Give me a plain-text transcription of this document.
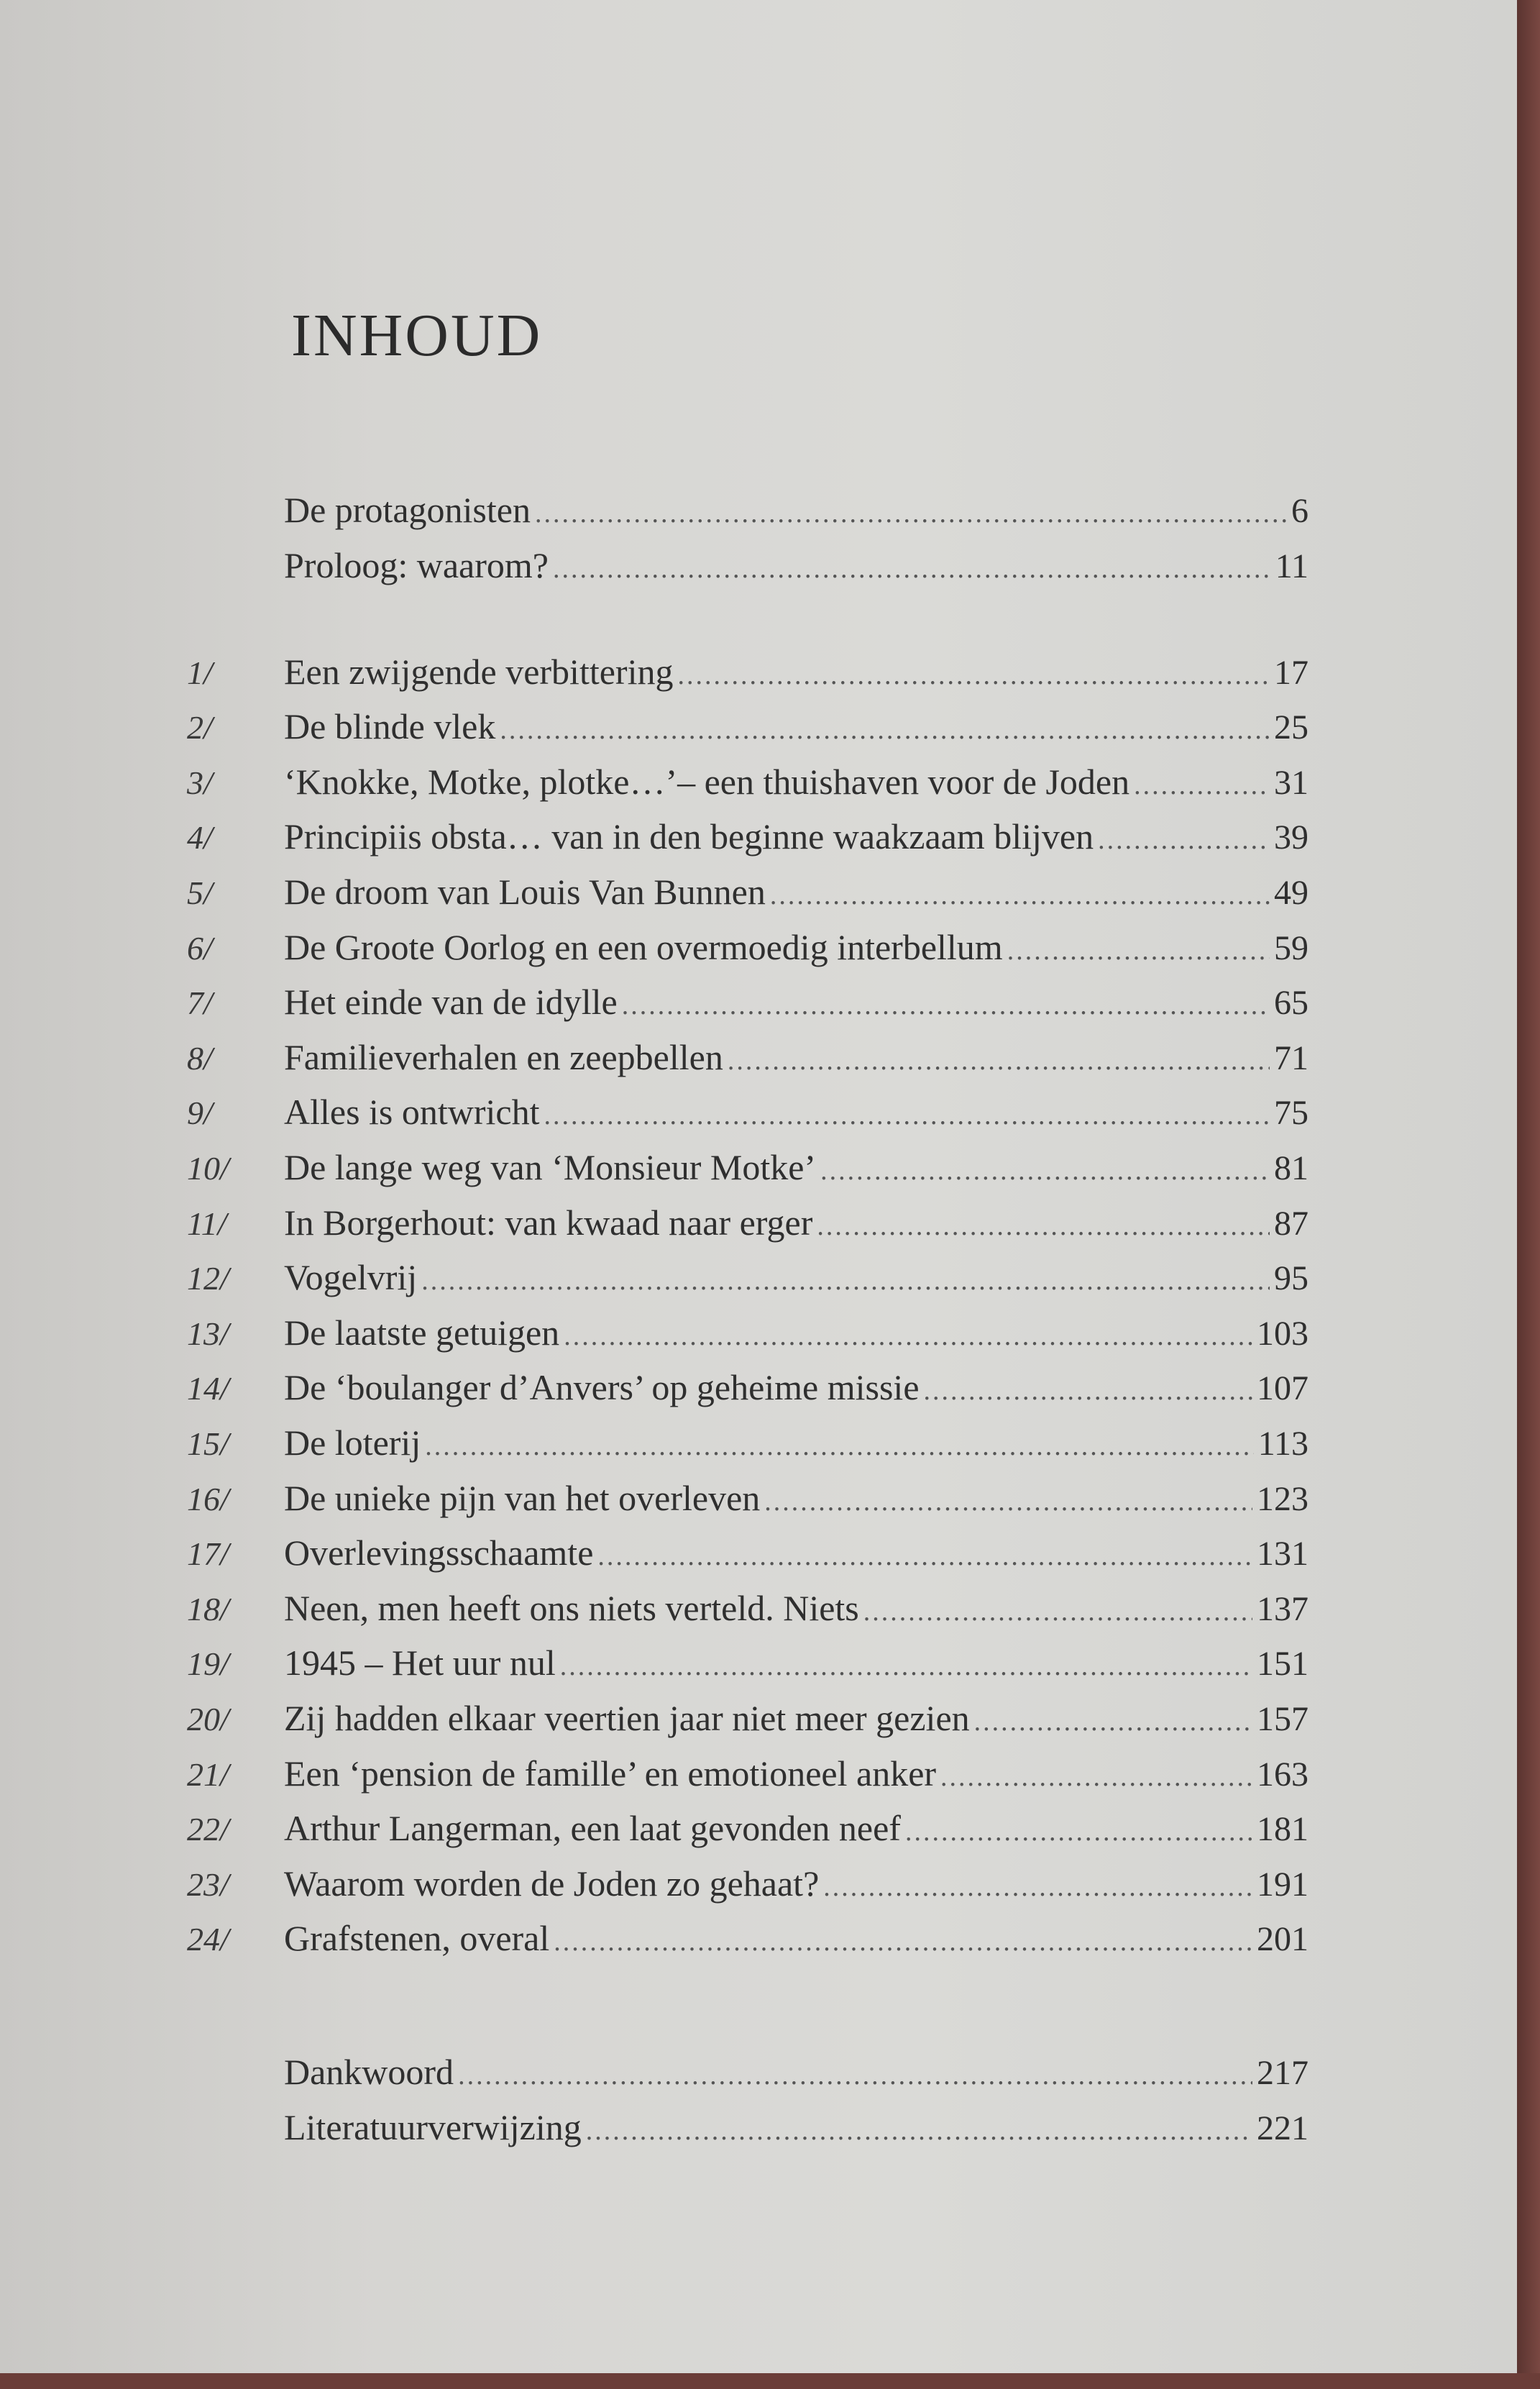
INHOUD
De protagonisten .....	6
Proloog: waarom? .....	11
1/	Een zwijgende verbittering .....	17
2/	De blinde vlek .....	25
3/	‘Knokke, Motke, plotke…’– een thuishaven voor de Joden .....	31
4/	Principiis obsta… van in den beginne waakzaam blijven .....	39
5/	De droom van Louis Van Bunnen .....	49
6/	De Groote Oorlog en een overmoedig interbellum .....	59
7/	Het einde van de idylle .....	65
8/	Familieverhalen en zeepbellen .....	71
9/	Alles is ontwricht .....	75
10/	De lange weg van ‘Monsieur Motke’ .....	81
11/	In Borgerhout: van kwaad naar erger .....	87
12/	Vogelvrij .....	95
13/	De laatste getuigen .....	103
14/	De ‘boulanger d’Anvers’ op geheime missie .....	107
15/	De loterij .....	113
16/	De unieke pijn van het overleven .....	123
17/	Overlevingsschaamte .....	131
18/	Neen, men heeft ons niets verteld. Niets .....	137
19/	1945 – Het uur nul .....	151
20/	Zij hadden elkaar veertien jaar niet meer gezien .....	157
21/	Een ‘pension de famille’ en emotioneel anker .....	163
22/	Arthur Langerman, een laat gevonden neef .....	181
23/	Waarom worden de Joden zo gehaat? .....	191
24/	Grafstenen, overal .....	201
Dankwoord .....	217
Literatuurverwijzing .....	221
